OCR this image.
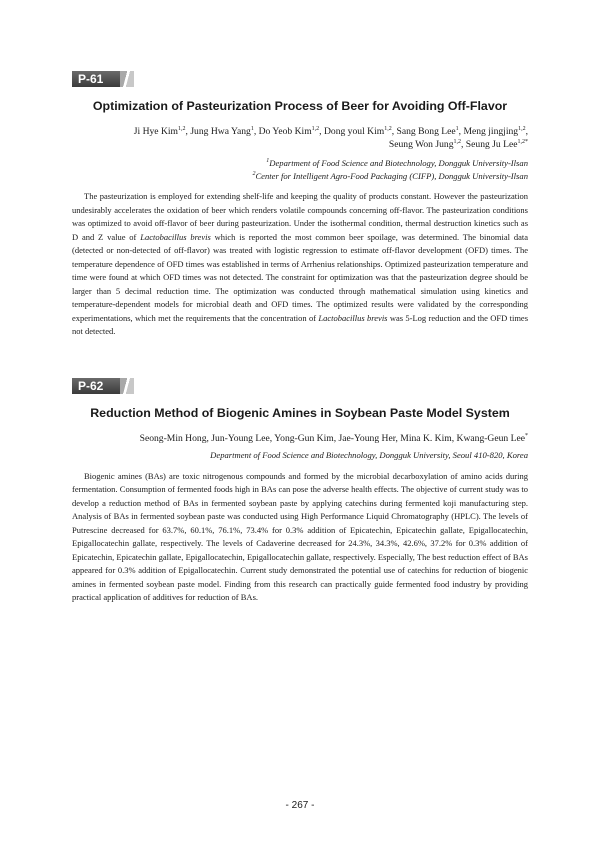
P-61
Optimization of Pasteurization Process of Beer for Avoiding Off-Flavor

Ji Hye Kim$^{1,2}$, Jung Hwa Yang$^1$, Do Yeob Kim$^{1,2}$, Dong youl Kim$^{1,2}$, Sang Bong Lee$^1$, Meng jingjing$^{1,2}$,
Seung Won Jung$^{1,2}$, Seung Ju Lee$^{1,2*}$

$^1$Department of Food Science and Biotechnology, Dongguk University-Ilsan

$^2$Center for Intelligent Agro-Food Packaging (CIFP), Dongguk University-Ilsan

The pasteurization is employed for extending shelf-life and keeping the quality of products constant. However the pasteurization undesirably accelerates the oxidation of beer which renders volatile compounds concerning off-flavor. The pasteurization conditions was optimized to avoid off-flavor of beer during pasteurization. Under the isothermal condition, thermal destruction kinetics such as D and Z value of Lactobacillus brevis which is reported the most common beer spoilage, was determined. The binomial data (detected or non-detected of off-flavor) was treated with logistic regression to estimate off-flavor development (OFD) times. The temperature dependence of OFD times was established in terms of Arrhenius relationships. Optimized pasteurization temperature and time were found at which OFD times was not detected. The constraint for optimization was that the pasteurization degree should be larger than 5 decimal reduction time. The optimization was conducted through mathematical simulation using kinetics and temperature-dependent models for microbial death and OFD times. The optimized results were validated by the corresponding experimentations, which met the requirements that the concentration of Lactobacillus brevis was 5-Log reduction and the OFD times not detected.

P-62
Reduction Method of Biogenic Amines in Soybean Paste Model System

Seong-Min Hong, Jun-Young Lee, Yong-Gun Kim, Jae-Young Her, Mina K. Kim, Kwang-Geun Lee*

Department of Food Science and Biotechnology, Dongguk University, Seoul 410-820, Korea

Biogenic amines (BAs) are toxic nitrogenous compounds and formed by the microbial decarboxylation of amino acids during fermentation. Consumption of fermented foods high in BAs can pose the adverse health effects. The objective of current study was to develop a reduction method of BAs in fermented soybean paste by applying catechins during fermented koji manufacturing step. Analysis of BAs in fermented soybean paste was conducted using High Performance Liquid Chromatography (HPLC). The levels of Putrescine decreased for 63.7%, 60.1%, 76.1%, 73.4% for 0.3% addition of Epicatechin, Epicatechin gallate, Epigallocatechin, Epigallocatechin gallate, respectively. The levels of Cadaverine decreased for 24.3%, 34.3%, 42.6%, 37.2% for 0.3% addition of Epicatechin, Epicatechin gallate, Epigallocatechin, Epigallocatechin gallate, respectively. Especially, The best reduction effect of BAs appeared for 0.3% addition of Epigallocatechin. Current study demonstrated the potential use of catechins for reduction of biogenic amines in fermented soybean paste model. Finding from this research can practically guide fermented food industry by providing practical application of additives for reduction of BAs.

- 267 -
